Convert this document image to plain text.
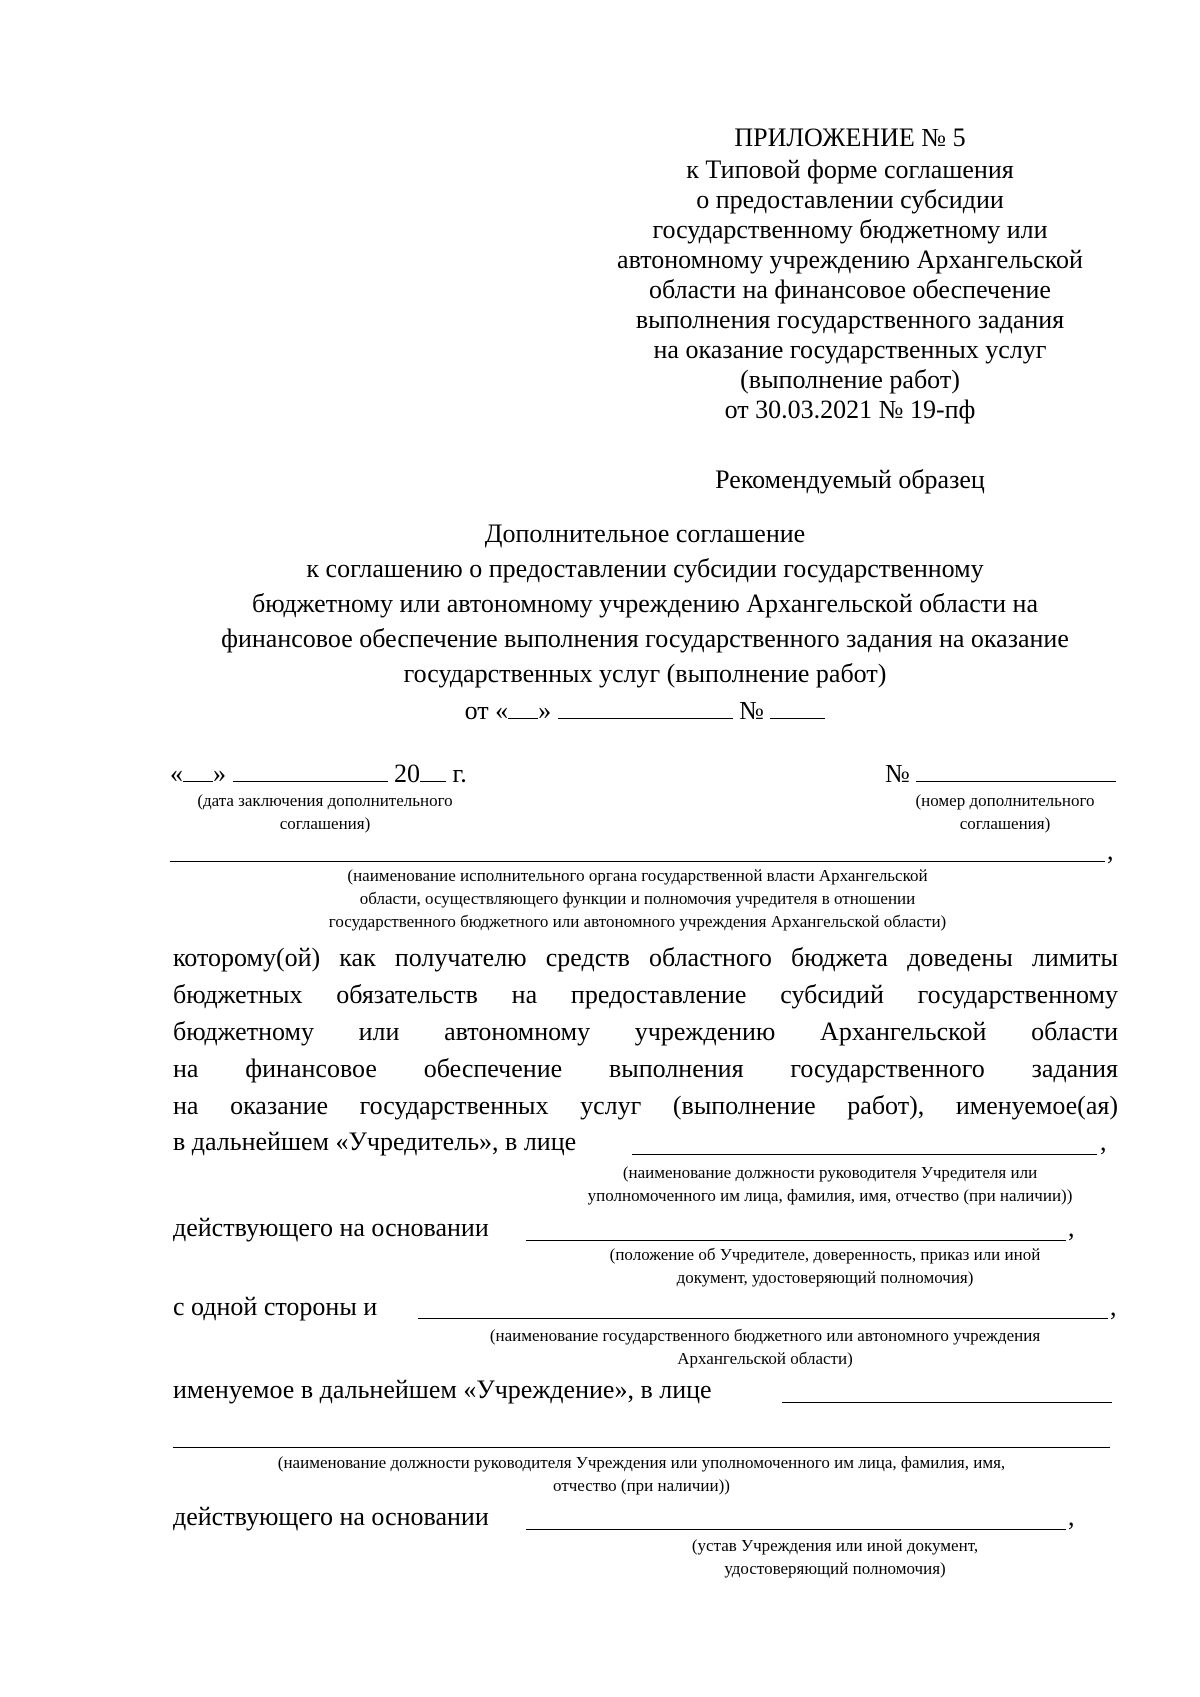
ПРИЛОЖЕНИЕ № 5
к Типовой форме соглашения
о предоставлении субсидии
государственному бюджетному или
автономному учреждению Архангельской
области на финансовое обеспечение
выполнения государственного задания
на оказание государственных услуг
(выполнение работ)
от 30.03.2021 № 19-пф
Рекомендуемый образец
Дополнительное соглашение
к соглашению о предоставлении субсидии государственному
бюджетному или автономному учреждению Архангельской области на
финансовое обеспечение выполнения государственного задания на оказание
государственных услуг (выполнение работ)
от « »	№
« »	20 г.
(дата заключения дополнительного
соглашения)
№
(номер дополнительного
соглашения)
,
(наименование исполнительного органа государственной власти Архангельской
области, осуществляющего функции и полномочия учредителя в отношении
государственного бюджетного или автономного учреждения Архангельской области)
которому(ой) как получателю средств областного бюджета доведены лимиты
бюджетных обязательств на предоставление субсидий государственному
бюджетному или автономному учреждению Архангельской области
на финансовое обеспечение выполнения государственного задания
на оказание государственных услуг (выполнение работ), именуемое(ая)
в дальнейшем «Учредитель», в лице	,
(наименование должности руководителя Учредителя или
уполномоченного им лица, фамилия, имя, отчество (при наличии))
действующего на основании	,
(положение об Учредителе, доверенность, приказ или иной
документ, удостоверяющий полномочия)
с одной стороны и	,
(наименование государственного бюджетного или автономного учреждения
Архангельской области)
именуемое в дальнейшем «Учреждение», в лице
(наименование должности руководителя Учреждения или уполномоченного им лица, фамилия, имя,
отчество (при наличии))
действующего на основании	,
(устав Учреждения или иной документ,
удостоверяющий полномочия)
